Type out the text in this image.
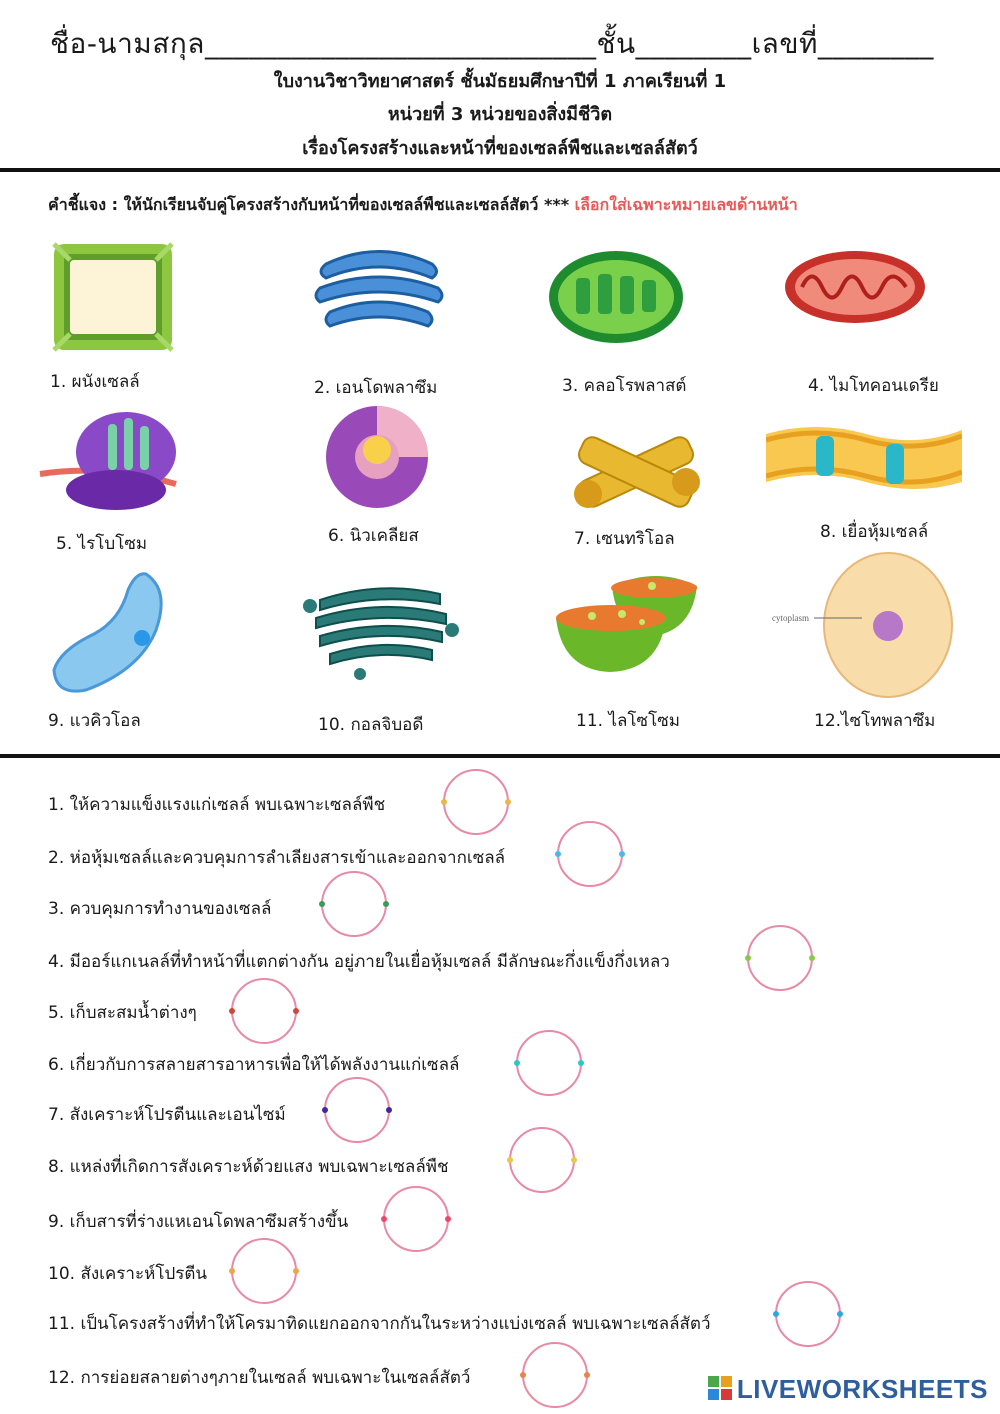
ชื่อ-นามสกุล___________________________ชั้น________เลขที่________
ใบงานวิชาวิทยาศาสตร์ ชั้นมัธยมศึกษาปีที่ 1 ภาคเรียนที่ 1
หน่วยที่ 3 หน่วยของสิ่งมีชีวิต
เรื่องโครงสร้างและหน้าที่ของเซลล์พืชและเซลล์สัตว์
คำชี้แจง : ให้นักเรียนจับคู่โครงสร้างกับหน้าที่ของเซลล์พืชและเซลล์สัตว์ *** เลือกใส่เฉพาะหมายเลขด้านหน้า
1. ผนังเซลล์	2. เอนโดพลาซึม	3. คลอโรพลาสต์	4. ไมโทคอนเดรีย
5. ไรโบโซม	6. นิวเคลียส	7. เซนทริโอล	8. เยื่อหุ้มเซลล์
cytoplasm
9. แวคิวโอล	10. กอลจิบอดี	11. ไลโซโซม	12.ไซโทพลาซึม
1. ให้ความแข็งแรงแก่เซลล์ พบเฉพาะเซลล์พืช
2. ห่อหุ้มเซลล์และควบคุมการลำเลียงสารเข้าและออกจากเซลล์
3. ควบคุมการทำงานของเซลล์
4. มีออร์แกเนลล์ที่ทำหน้าที่แตกต่างกัน อยู่ภายในเยื่อหุ้มเซลล์ มีลักษณะกึ่งแข็งกึ่งเหลว
5. เก็บสะสมน้ำต่างๆ
6. เกี่ยวกับการสลายสารอาหารเพื่อให้ได้พลังงานแก่เซลล์
7. สังเคราะห์โปรตีนและเอนไซม์
8. แหล่งที่เกิดการสังเคราะห์ด้วยแสง พบเฉพาะเซลล์พืช
9. เก็บสารที่ร่างแหเอนโดพลาซึมสร้างขึ้น
10. สังเคราะห์โปรตีน
11. เป็นโครงสร้างที่ทำให้โครมาทิดแยกออกจากกันในระหว่างแบ่งเซลล์ พบเฉพาะเซลล์สัตว์
12. การย่อยสลายต่างๆภายในเซลล์ พบเฉพาะในเซลล์สัตว์	LIVEWORKSHEETS
